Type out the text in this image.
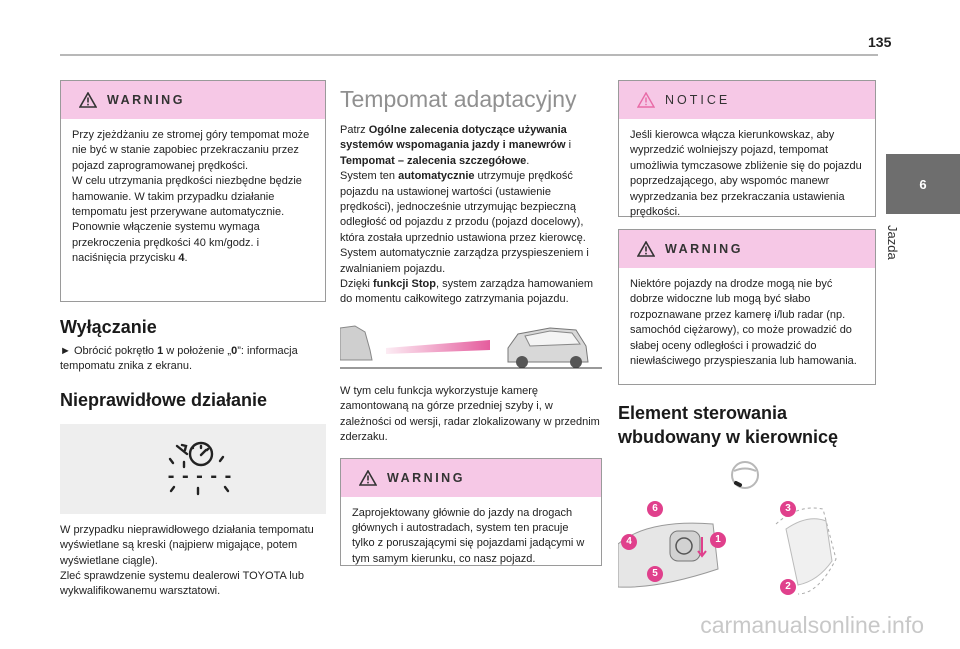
135
6
Jazda
WARNING
Przy zjeżdżaniu ze stromej góry tempomat może nie być w stanie zapobiec przekraczaniu przez pojazd zaprogramowanej prędkości.
W celu utrzymania prędkości niezbędne będzie hamowanie. W takim przypadku działanie tempomatu jest przerywane automatycznie.
Ponownie włączenie systemu wymaga przekroczenia prędkości 40 km/godz. i naciśnięcia przycisku 4.
Wyłączanie
► Obrócić pokrętło 1 w położenie „0”: informacja tempomatu znika z ekranu.
Nieprawidłowe działanie
- - - - -
W przypadku nieprawidłowego działania tempomatu wyświetlane są kreski (najpierw migające, potem wyświetlane ciągle).
Zleć sprawdzenie systemu dealerowi TOYOTA lub wykwalifikowanemu warsztatowi.
Tempomat adaptacyjny
Patrz Ogólne zalecenia dotyczące używania systemów wspomagania jazdy i manewrów i Tempomat – zalecenia szczegółowe.
System ten automatycznie utrzymuje prędkość pojazdu na ustawionej wartości (ustawienie prędkości), jednocześnie utrzymując bezpieczną odległość od pojazdu z przodu (pojazd docelowy), która została uprzednio ustawiona przez kierowcę. System automatycznie zarządza przyspieszeniem i zwalnianiem pojazdu.
Dzięki funkcji Stop, system zarządza hamowaniem do momentu całkowitego zatrzymania pojazdu.
W tym celu funkcja wykorzystuje kamerę zamontowaną na górze przedniej szyby i, w zależności od wersji, radar zlokalizowany w przednim zderzaku.
WARNING
Zaprojektowany głównie do jazdy na drogach głównych i autostradach, system ten pracuje tylko z poruszającymi się pojazdami jadącymi w tym samym kierunku, co nasz pojazd.
NOTICE
Jeśli kierowca włącza kierunkowskaz, aby wyprzedzić wolniejszy pojazd, tempomat umożliwia tymczasowe zbliżenie się do pojazdu poprzedzającego, aby wspomóc manewr wyprzedzania bez przekraczania ustawienia prędkości.
WARNING
Niektóre pojazdy na drodze mogą nie być dobrze widoczne lub mogą być słabo rozpoznawane przez kamerę i/lub radar (np. samochód ciężarowy), co może prowadzić do słabej oceny odległości i prowadzić do niewłaściwego przyspieszania lub hamowania.
Element sterowania wbudowany w kierownicę
6
4
5
1
3
2
carmanualsonline.info
